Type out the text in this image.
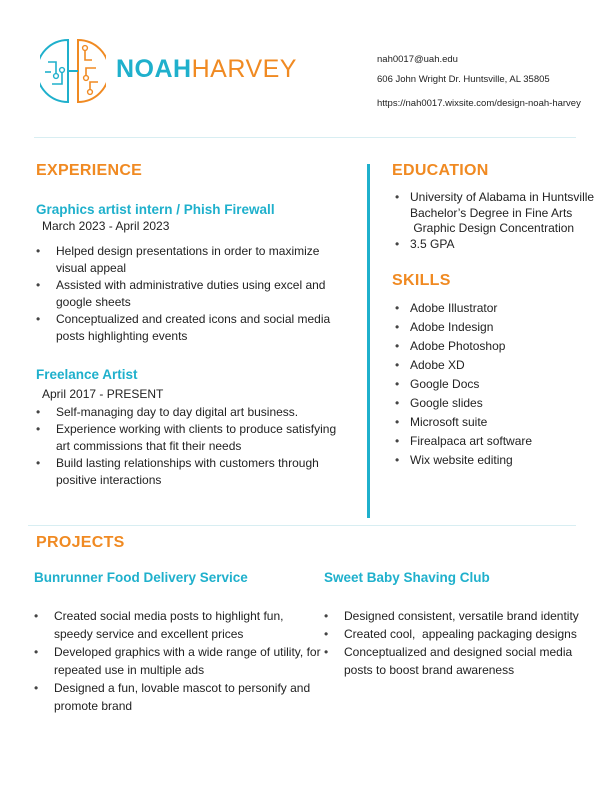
NOAHHARVEY	nah0017@uah.edu
606 John Wright Dr. Huntsville, AL 35805
https://nah0017.wixsite.com/design-noah-harvey
EXPERIENCE
Graphics artist intern / Phish Firewall
March 2023 - April 2023
• Helped design presentations in order to maximize visual appeal
• Assisted with administrative duties using excel and google sheets
• Conceptualized and created icons and social media posts highlighting events
Freelance Artist
April 2017 - PRESENT
• Self-managing day to day digital art business.
• Experience working with clients to produce satisfying art commissions that fit their needs
• Build lasting relationships with customers through positive interactions
EDUCATION
• University of Alabama in Huntsville
Bachelor’s Degree in Fine Arts
Graphic Design Concentration
• 3.5 GPA
SKILLS
• Adobe Illustrator
• Adobe Indesign
• Adobe Photoshop
• Adobe XD
• Google Docs
• Google slides
• Microsoft suite
• Firealpaca art software
• Wix website editing
PROJECTS
Bunrunner Food Delivery Service
• Created social media posts to highlight fun, speedy service and excellent prices
• Developed graphics with a wide range of utility, for repeated use in multiple ads
• Designed a fun, lovable mascot to personify and promote brand
Sweet Baby Shaving Club
• Designed consistent, versatile brand identity
• Created cool,  appealing packaging designs
• Conceptualized and designed social media posts to boost brand awareness
